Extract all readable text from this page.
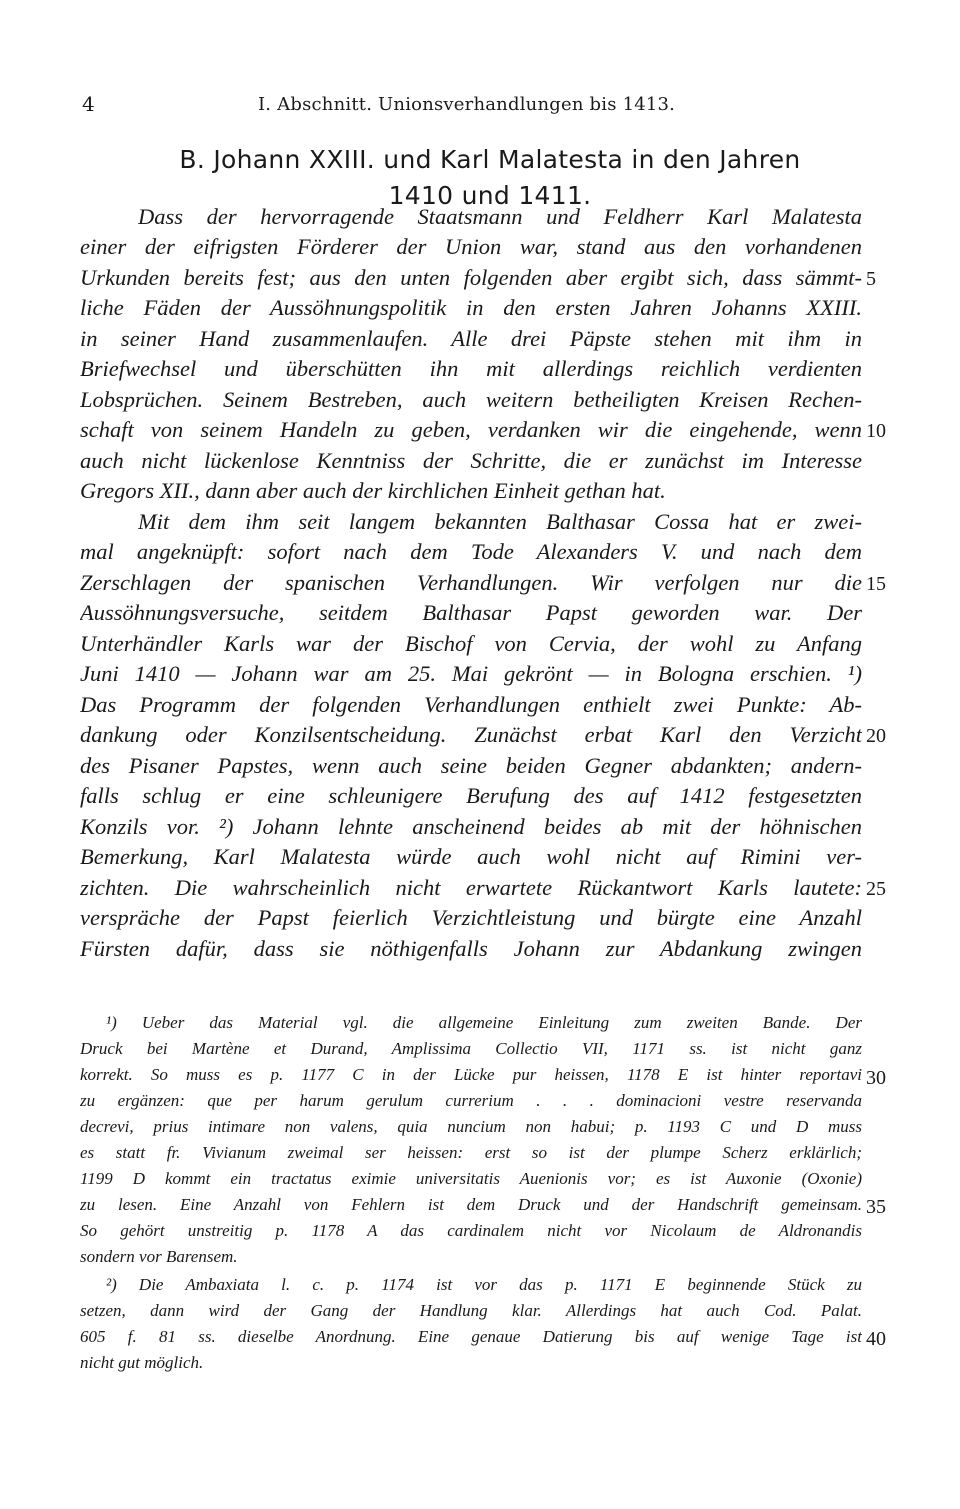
4	I. Abschnitt. Unionsverhandlungen bis 1413.
B. Johann XXIII. und Karl Malatesta in den Jahren
1410 und 1411.
Dass der hervorragende Staatsmann und Feldherr Karl Malatesta
einer der eifrigsten Förderer der Union war, stand aus den vorhandenen
Urkunden bereits fest; aus den unten folgenden aber ergibt sich, dass sämmt-
liche Fäden der Aussöhnungspolitik in den ersten Jahren Johanns XXIII.
in seiner Hand zusammenlaufen. Alle drei Päpste stehen mit ihm in
Briefwechsel und überschütten ihn mit allerdings reichlich verdienten
Lobsprüchen. Seinem Bestreben, auch weitern betheiligten Kreisen Rechen-
schaft von seinem Handeln zu geben, verdanken wir die eingehende, wenn
auch nicht lückenlose Kenntniss der Schritte, die er zunächst im Interesse
Gregors XII., dann aber auch der kirchlichen Einheit gethan hat.
Mit dem ihm seit langem bekannten Balthasar Cossa hat er zwei-
mal angeknüpft: sofort nach dem Tode Alexanders V. und nach dem
Zerschlagen der spanischen Verhandlungen. Wir verfolgen nur die
Aussöhnungsversuche, seitdem Balthasar Papst geworden war. Der
Unterhändler Karls war der Bischof von Cervia, der wohl zu Anfang
Juni 1410 — Johann war am 25. Mai gekrönt — in Bologna erschien. ¹)
Das Programm der folgenden Verhandlungen enthielt zwei Punkte: Ab-
dankung oder Konzilsentscheidung. Zunächst erbat Karl den Verzicht
des Pisaner Papstes, wenn auch seine beiden Gegner abdankten; andern-
falls schlug er eine schleunigere Berufung des auf 1412 festgesetzten
Konzils vor. ²) Johann lehnte anscheinend beides ab mit der höhnischen
Bemerkung, Karl Malatesta würde auch wohl nicht auf Rimini ver-
zichten. Die wahrscheinlich nicht erwartete Rückantwort Karls lautete:
verspräche der Papst feierlich Verzichtleistung und bürgte eine Anzahl
Fürsten dafür, dass sie nöthigenfalls Johann zur Abdankung zwingen
¹) Ueber das Material vgl. die allgemeine Einleitung zum zweiten Bande. Der
Druck bei Martène et Durand, Amplissima Collectio VII, 1171 ss. ist nicht ganz
korrekt. So muss es p. 1177 C in der Lücke pur heissen, 1178 E ist hinter reportavi
zu ergänzen: que per harum gerulum currerium . . . dominacioni vestre reservanda
decrevi, prius intimare non valens, quia nuncium non habui; p. 1193 C und D muss
es statt fr. Vivianum zweimal ser heissen: erst so ist der plumpe Scherz erklärlich;
1199 D kommt ein tractatus eximie universitatis Auenionis vor; es ist Auxonie (Oxonie)
zu lesen. Eine Anzahl von Fehlern ist dem Druck und der Handschrift gemeinsam.
So gehört unstreitig p. 1178 A das cardinalem nicht vor Nicolaum de Aldronandis
sondern vor Barensem.
²) Die Ambaxiata l. c. p. 1174 ist vor das p. 1171 E beginnende Stück zu
setzen, dann wird der Gang der Handlung klar. Allerdings hat auch Cod. Palat.
605 f. 81 ss. dieselbe Anordnung. Eine genaue Datierung bis auf wenige Tage ist
nicht gut möglich.
5
10
15
20
25
30
35
40
